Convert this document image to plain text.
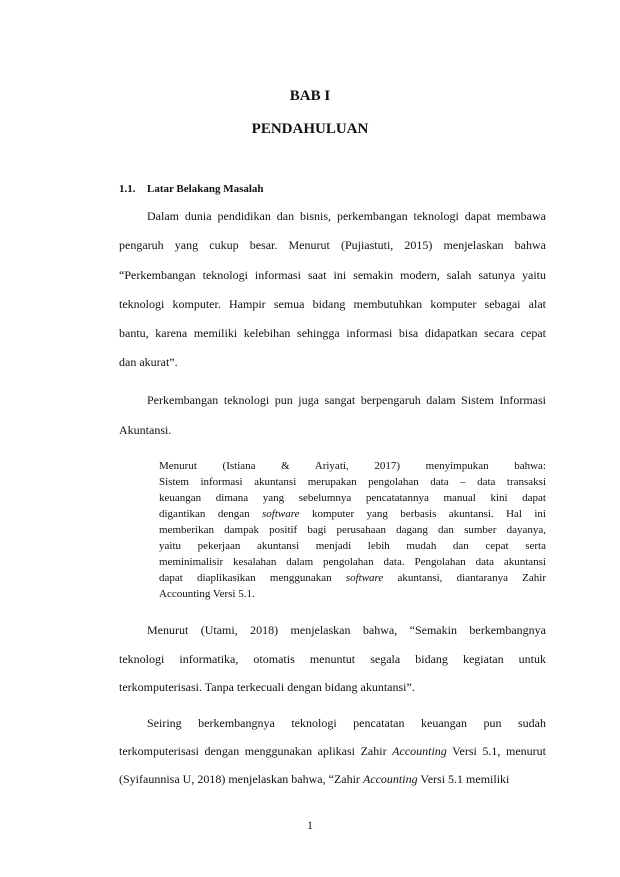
BAB I

PENDAHULUAN

1.1. Latar Belakang Masalah

Dalam dunia pendidikan dan bisnis, perkembangan teknologi dapat membawa

pengaruh yang cukup besar. Menurut (Pujiastuti, 2015) menjelaskan bahwa

“Perkembangan teknologi informasi saat ini semakin modern, salah satunya yaitu

teknologi komputer. Hampir semua bidang membutuhkan komputer sebagai alat

bantu, karena memiliki kelebihan sehingga informasi bisa didapatkan secara cepat

dan akurat”.

Perkembangan teknologi pun juga sangat berpengaruh dalam Sistem Informasi

Akuntansi.

Menurut (Istiana & Ariyati, 2017) menyimpukan bahwa:

Sistem informasi akuntansi merupakan pengolahan data – data transaksi

keuangan dimana yang sebelumnya pencatatannya manual kini dapat

digantikan dengan software komputer yang berbasis akuntansi. Hal ini

memberikan dampak positif bagi perusahaan dagang dan sumber dayanya,

yaitu pekerjaan akuntansi menjadi lebih mudah dan cepat serta

meminimalisir kesalahan dalam pengolahan data. Pengolahan data akuntansi

dapat diaplikasikan menggunakan software akuntansi, diantaranya Zahir

Accounting Versi 5.1.

Menurut (Utami, 2018) menjelaskan bahwa, “Semakin berkembangnya

teknologi informatika, otomatis menuntut segala bidang kegiatan untuk

terkomputerisasi. Tanpa terkecuali dengan bidang akuntansi”.

Seiring berkembangnya teknologi pencatatan keuangan pun sudah

terkomputerisasi dengan menggunakan aplikasi Zahir Accounting Versi 5.1, menurut

(Syifaunnisa U, 2018) menjelaskan bahwa, “Zahir Accounting Versi 5.1 memiliki

1
